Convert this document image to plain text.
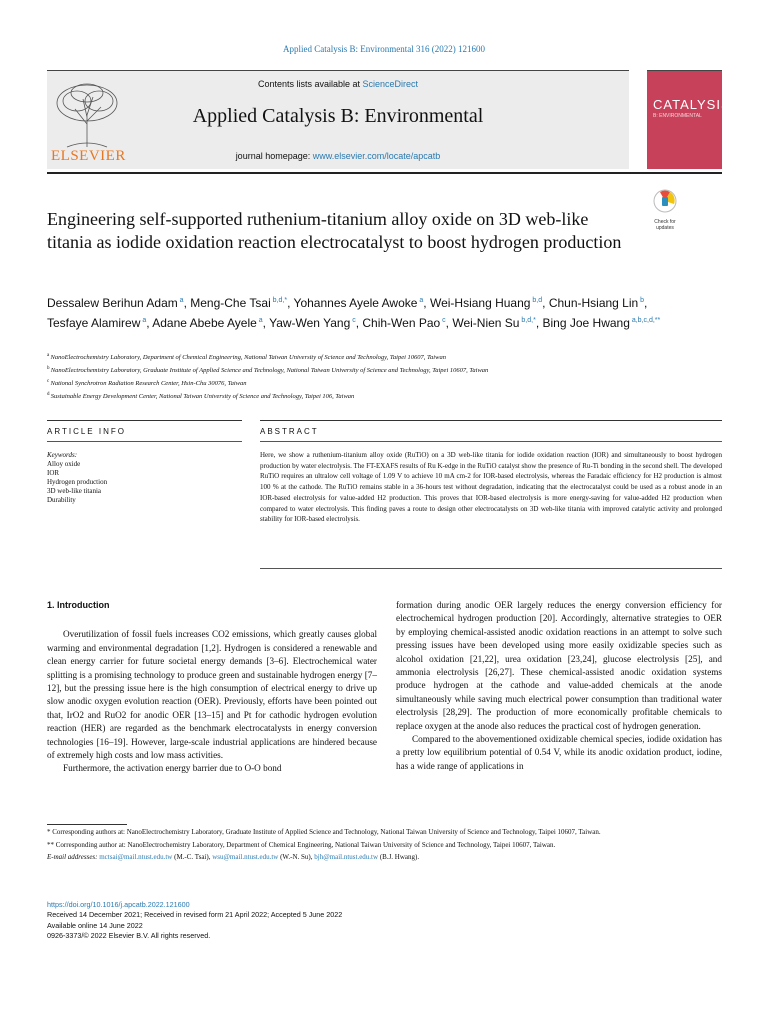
Applied Catalysis B: Environmental 316 (2022) 121600
ELSEVIER
Contents lists available at ScienceDirect
Applied Catalysis B: Environmental
journal homepage: www.elsevier.com/locate/apcatb
CATALYSIS
B: ENVIRONMENTAL
Engineering self-supported ruthenium-titanium alloy oxide on 3D web-like titania as iodide oxidation reaction electrocatalyst to boost hydrogen production
Check for
updates
Dessalew Berihun Adam $^a$, Meng-Che Tsai $^{b,d,*}$, Yohannes Ayele Awoke $^a$, Wei-Hsiang Huang $^{b,d}$, Chun-Hsiang Lin $^b$, Tesfaye Alamirew $^a$, Adane Abebe Ayele $^a$, Yaw-Wen Yang $^c$, Chih-Wen Pao $^c$, Wei-Nien Su $^{b,d,*}$, Bing Joe Hwang $^{a,b,c,d,**}$
$^a$ NanoElectrochemistry Laboratory, Department of Chemical Engineering, National Taiwan University of Science and Technology, Taipei 10607, Taiwan
$^b$ NanoElectrochemistry Laboratory, Graduate Institute of Applied Science and Technology, National Taiwan University of Science and Technology, Taipei 10607, Taiwan
$^c$ National Synchrotron Radiation Research Center, Hsin-Chu 30076, Taiwan
$^d$ Sustainable Energy Development Center, National Taiwan University of Science and Technology, Taipei 106, Taiwan
ARTICLE INFO	ABSTRACT
Keywords:
Alloy oxide
IOR
Hydrogen production
3D web-like titania
Durability
Here, we show a ruthenium-titanium alloy oxide (RuTiO) on a 3D web-like titania for iodide oxidation reaction (IOR) and simultaneously to boost hydrogen production by water electrolysis. The FT-EXAFS results of Ru K-edge in the RuTiO catalyst show the presence of Ru-Ti bonding in the second shell. The developed RuTiO requires an ultralow cell voltage of 1.09 V to achieve 10 mA cm-2 for IOR-based electrolysis, whereas the Faradaic efficiency for H2 production is almost 100 % at the cathode. The RuTiO remains stable in a 36-hours test without degradation, indicating that the electrocatalyst could be used as a robust anode in an IOR-based electrolysis for value-added H2 production. This proves that IOR-based electrolysis is more energy-saving for value-added H2 production when compared to water electrolysis. This finding paves a route to design other electrocatalysts on 3D web-like titania with improved catalytic activity and prolonged stability for IOR-based electrolysis.

1. Introduction

Overutilization of fossil fuels increases CO2 emissions, which greatly causes global warming and environmental degradation [1,2]. Hydrogen is considered a renewable and clean energy carrier for future societal energy demands [3–6]. Electrochemical water splitting is a promising technology to produce green and sustainable hydrogen energy [7–12], but the pressing issue here is the high consumption of electrical energy to drive up slow anodic oxygen evolution reaction (OER). Previously, efforts have been pointed out that, IrO2 and RuO2 for anodic OER [13–15] and Pt for cathodic hydrogen evolution reaction (HER) are regarded as the benchmark electrocatalysts in energy conversion technologies [16–19]. However, large-scale industrial applications are hindered because of extremely high costs and low mass activities.

Furthermore, the activation energy barrier due to O-O bond

formation during anodic OER largely reduces the energy conversion efficiency for electrochemical hydrogen production [20]. Accordingly, alternative strategies to OER by employing chemical-assisted anodic oxidation reactions in an attempt to solve such pressing issues have been developed using more easily oxidizable species such as alcohol oxidation [21,22], urea oxidation [23,24], glucose electrolysis [25], and ammonia electrolysis [26,27]. These chemical-assisted anodic oxidation systems produce hydrogen at the cathode and value-added chemicals at the anode simultaneously while saving much electrical power consumption than traditional water electrolysis [28,29]. The production of more economically profitable chemicals to replace oxygen at the anode also reduces the practical cost of hydrogen generation.

Compared to the abovementioned oxidizable chemical species, iodide oxidation has a pretty low equilibrium potential of 0.54 V, while its anodic oxidation product, iodine, has a wide range of applications in

* Corresponding authors at: NanoElectrochemistry Laboratory, Graduate Institute of Applied Science and Technology, National Taiwan University of Science and Technology, Taipei 10607, Taiwan.

** Corresponding author at: NanoElectrochemistry Laboratory, Department of Chemical Engineering, National Taiwan University of Science and Technology, Taipei 10607, Taiwan.

E-mail addresses: mctsai@mail.ntust.edu.tw (M.-C. Tsai), wsu@mail.ntust.edu.tw (W.-N. Su), bjh@mail.ntust.edu.tw (B.J. Hwang).

https://doi.org/10.1016/j.apcatb.2022.121600

Received 14 December 2021; Received in revised form 21 April 2022; Accepted 5 June 2022

Available online 14 June 2022

0926-3373/© 2022 Elsevier B.V. All rights reserved.
